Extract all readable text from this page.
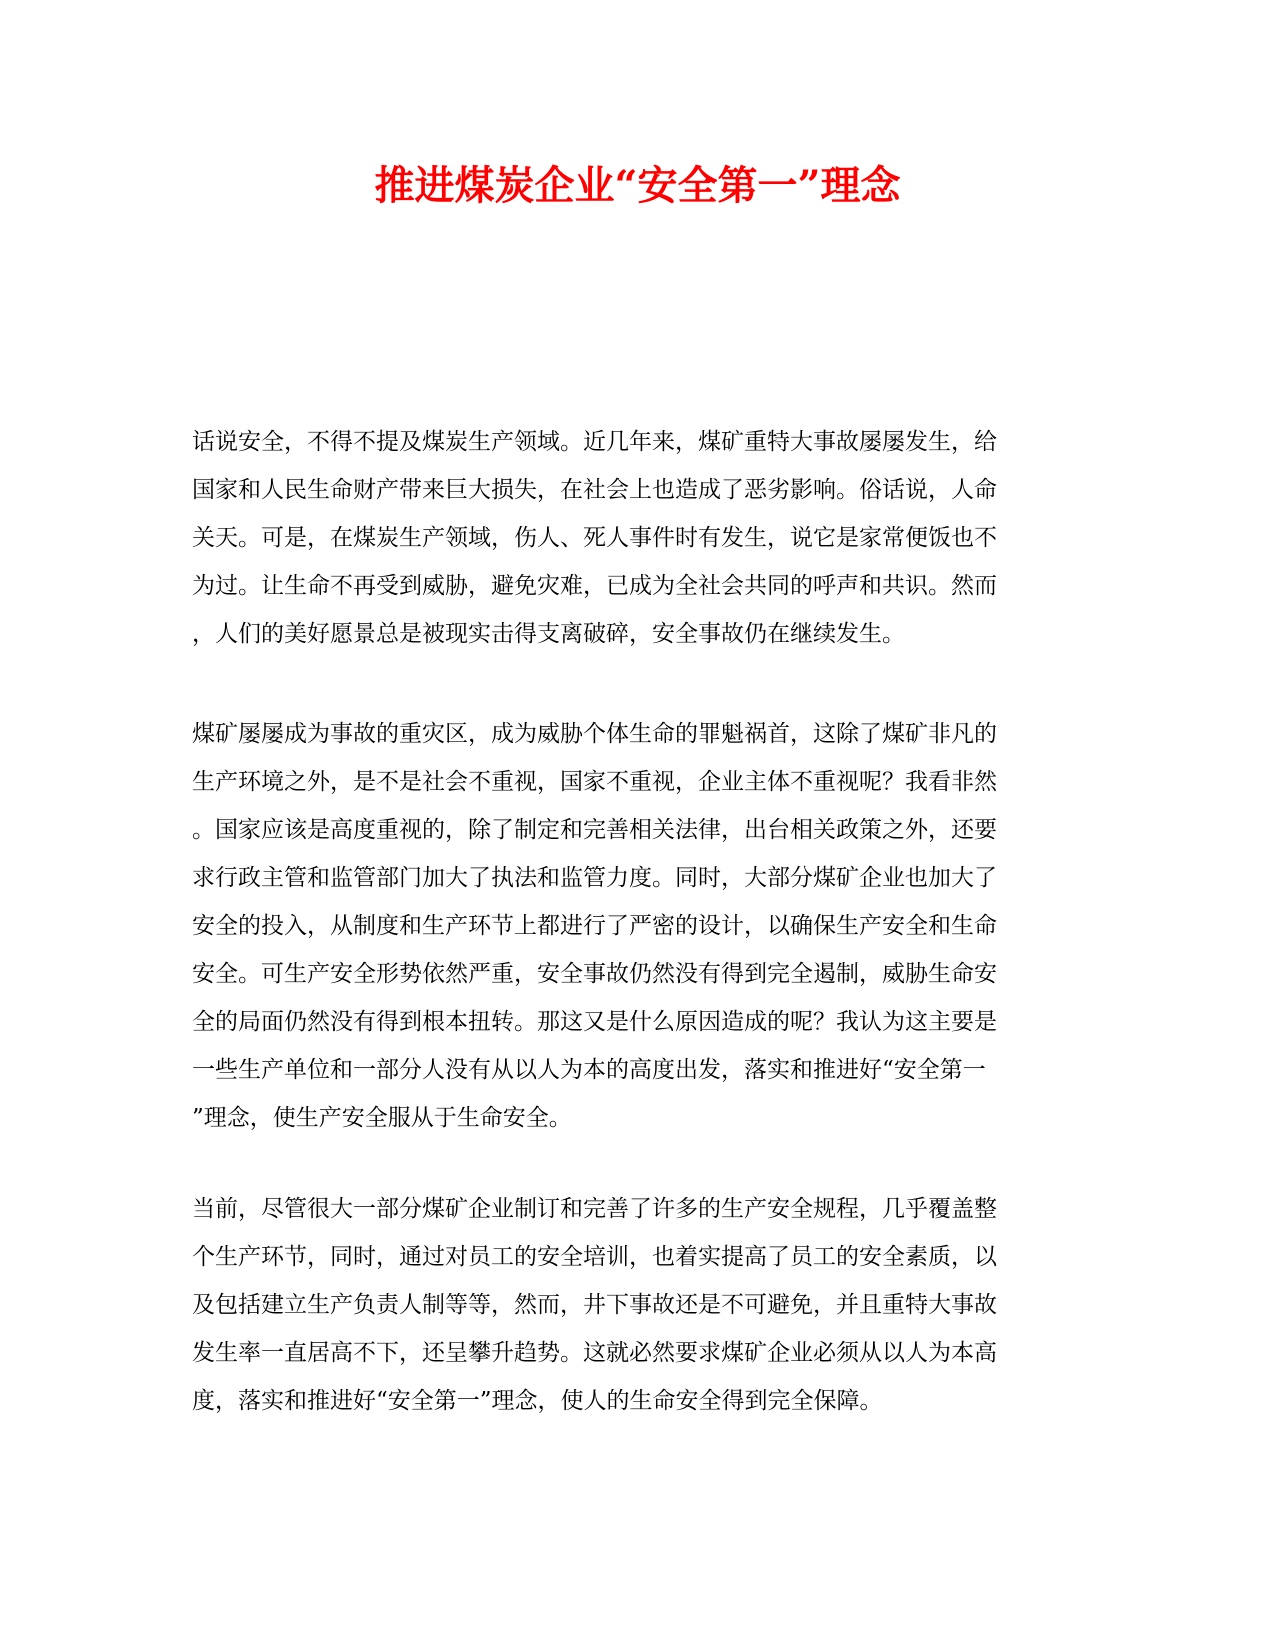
推进煤炭企业“安全第一”理念

话说安全，不得不提及煤炭生产领域。近几年来，煤矿重特大事故屡屡发生，给
国家和人民生命财产带来巨大损失，在社会上也造成了恶劣影响。俗话说，人命
关天。可是，在煤炭生产领域，伤人、死人事件时有发生，说它是家常便饭也不
为过。让生命不再受到威胁，避免灾难，已成为全社会共同的呼声和共识。然而
，人们的美好愿景总是被现实击得支离破碎，安全事故仍在继续发生。

煤矿屡屡成为事故的重灾区，成为威胁个体生命的罪魁祸首，这除了煤矿非凡的
生产环境之外，是不是社会不重视，国家不重视，企业主体不重视呢？我看非然
。国家应该是高度重视的，除了制定和完善相关法律，出台相关政策之外，还要
求行政主管和监管部门加大了执法和监管力度。同时，大部分煤矿企业也加大了
安全的投入，从制度和生产环节上都进行了严密的设计，以确保生产安全和生命
安全。可生产安全形势依然严重，安全事故仍然没有得到完全遏制，威胁生命安
全的局面仍然没有得到根本扭转。那这又是什么原因造成的呢？我认为这主要是
一些生产单位和一部分人没有从以人为本的高度出发，落实和推进好“安全第一
”理念，使生产安全服从于生命安全。

当前，尽管很大一部分煤矿企业制订和完善了许多的生产安全规程，几乎覆盖整
个生产环节，同时，通过对员工的安全培训，也着实提高了员工的安全素质，以
及包括建立生产负责人制等等，然而，井下事故还是不可避免，并且重特大事故
发生率一直居高不下，还呈攀升趋势。这就必然要求煤矿企业必须从以人为本高
度，落实和推进好“安全第一”理念，使人的生命安全得到完全保障。
